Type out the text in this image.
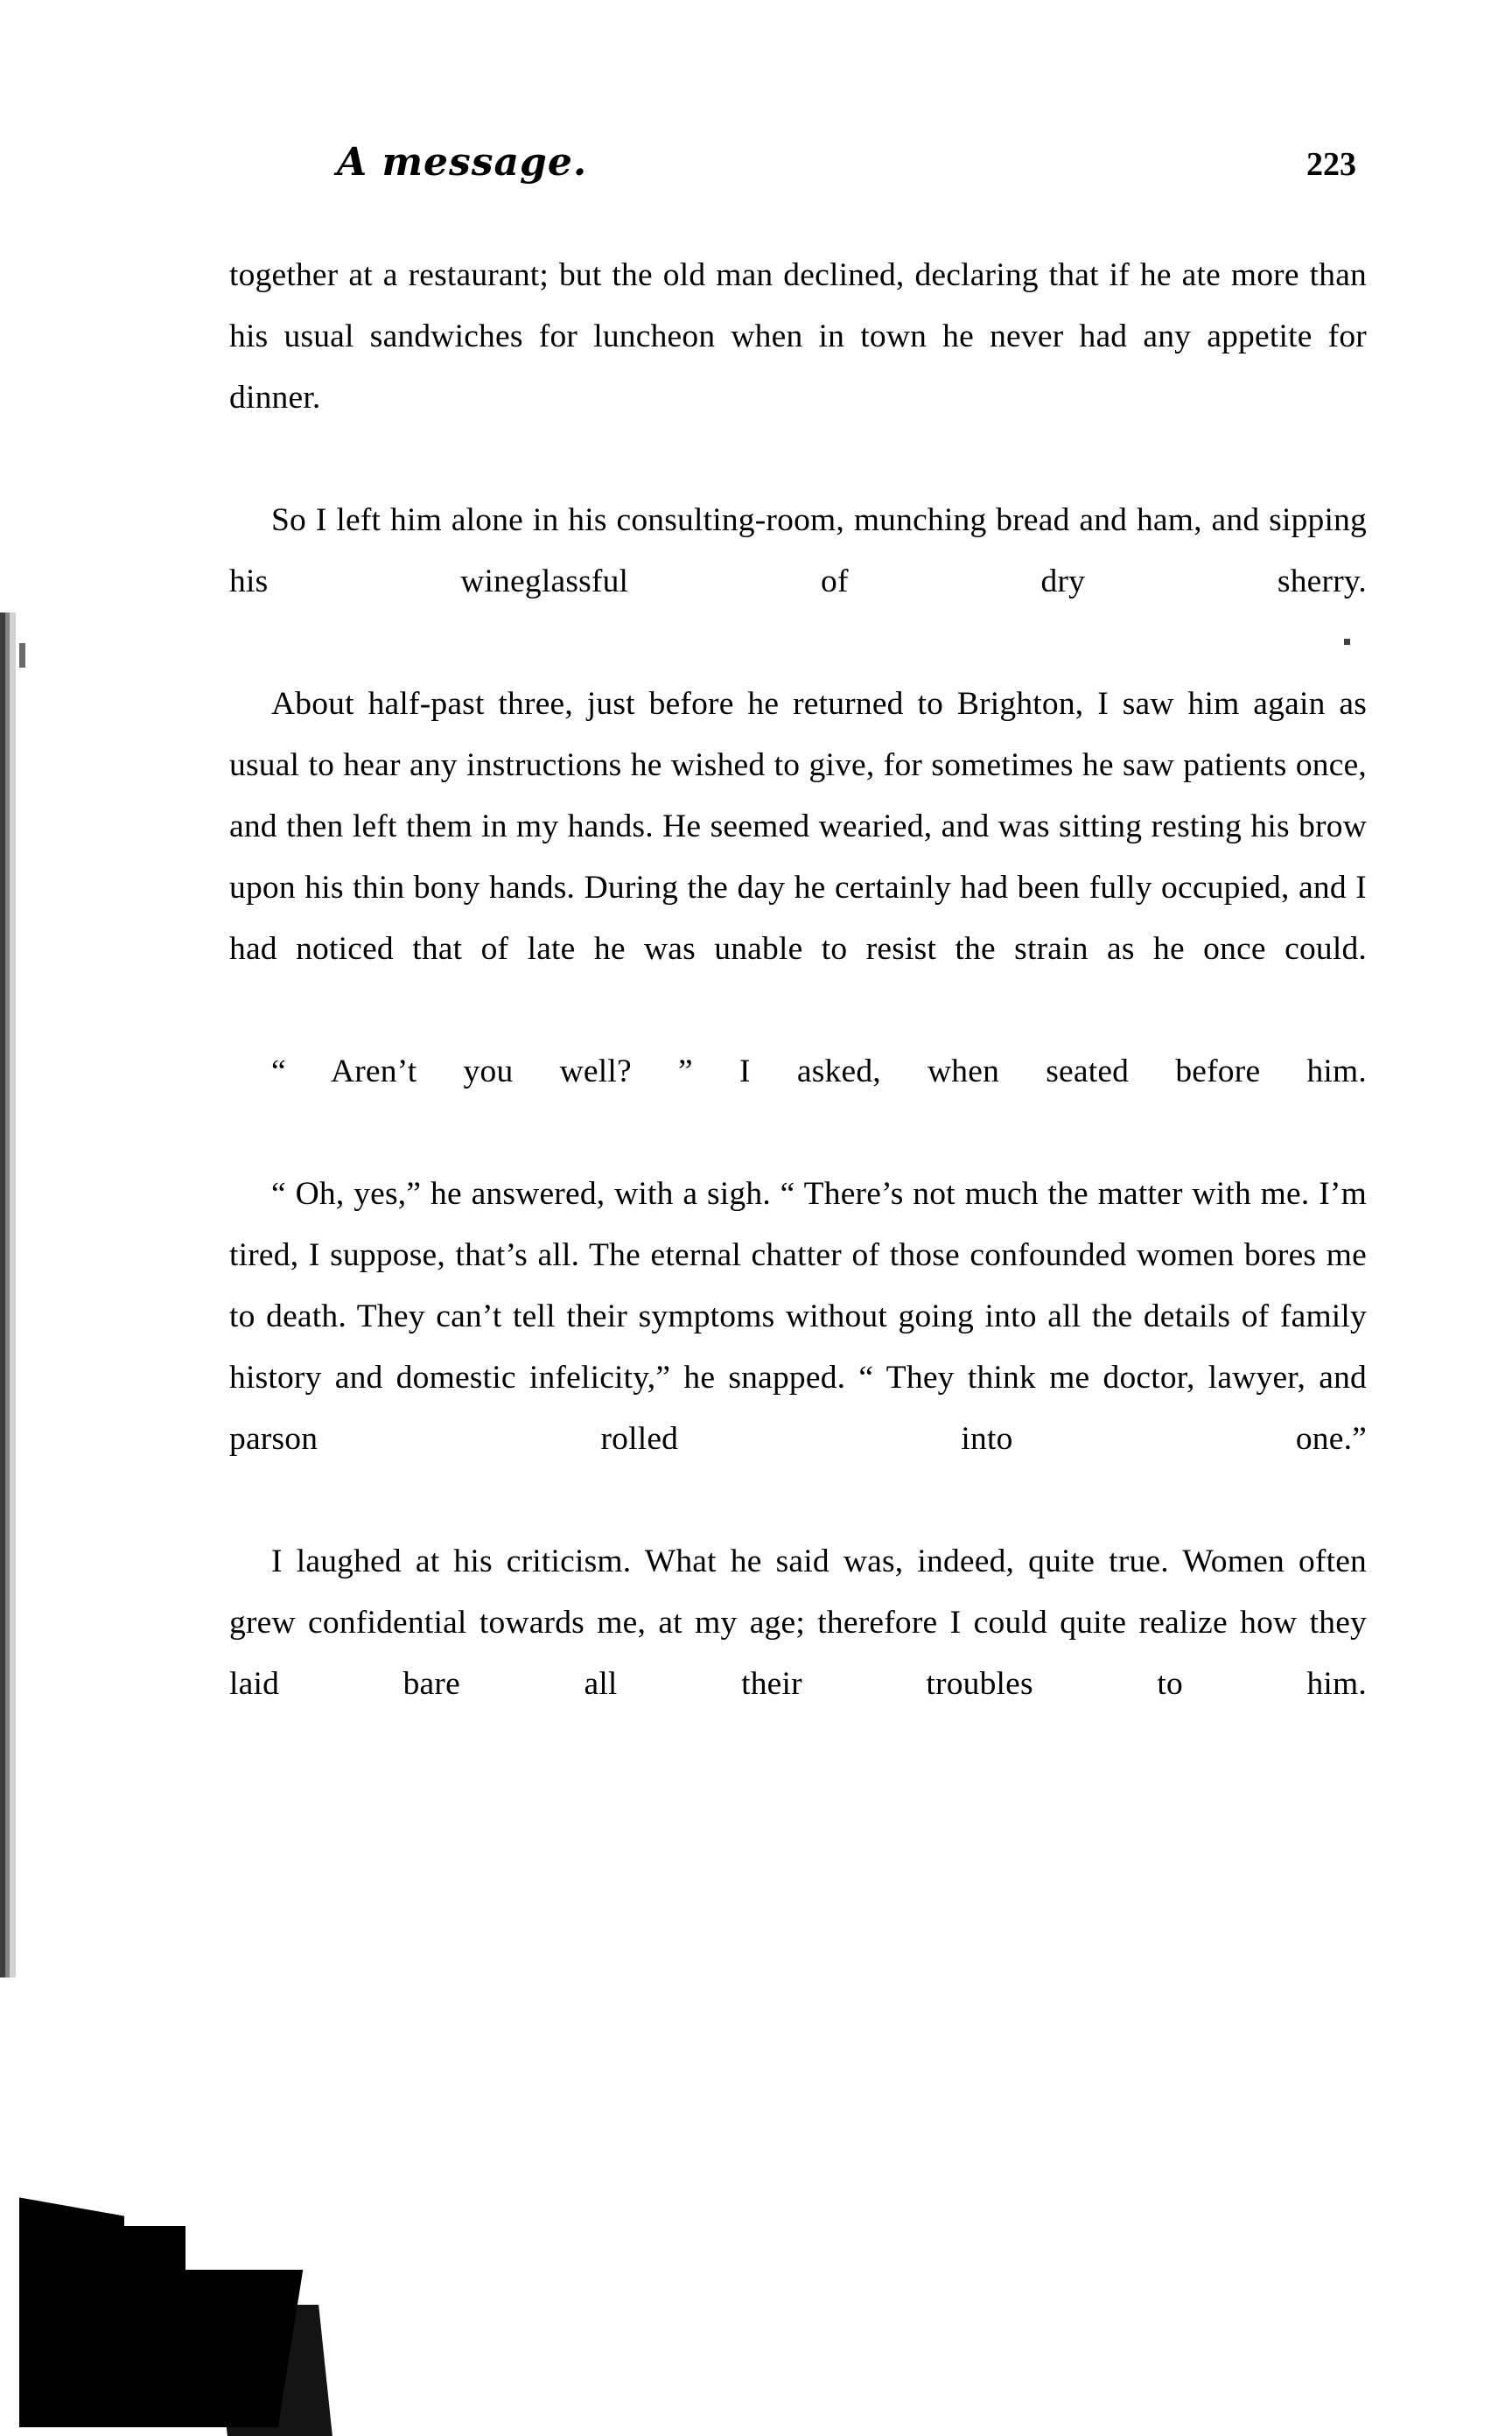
A message.	223

together at a restaurant; but the old man declined, declaring that if he ate more than his usual sandwiches for luncheon when in town he never had any appetite for dinner.

So I left him alone in his consulting-room, munching bread and ham, and sipping his wineglassful of dry sherry.

About half-past three, just before he returned to Brighton, I saw him again as usual to hear any instructions he wished to give, for sometimes he saw patients once, and then left them in my hands. He seemed wearied, and was sitting resting his brow upon his thin bony hands. During the day he certainly had been fully occupied, and I had noticed that of late he was unable to resist the strain as he once could.

“ Aren’t you well? ” I asked, when seated before him.

“ Oh, yes,” he answered, with a sigh. “ There’s not much the matter with me. I’m tired, I suppose, that’s all. The eternal chatter of those confounded women bores me to death. They can’t tell their symptoms without going into all the details of family history and domestic infelicity,” he snapped. “ They think me doctor, lawyer, and parson rolled into one.”

I laughed at his criticism. What he said was, indeed, quite true. Women often grew confidential towards me, at my age; therefore I could quite realize how they laid bare all their troubles to him.
